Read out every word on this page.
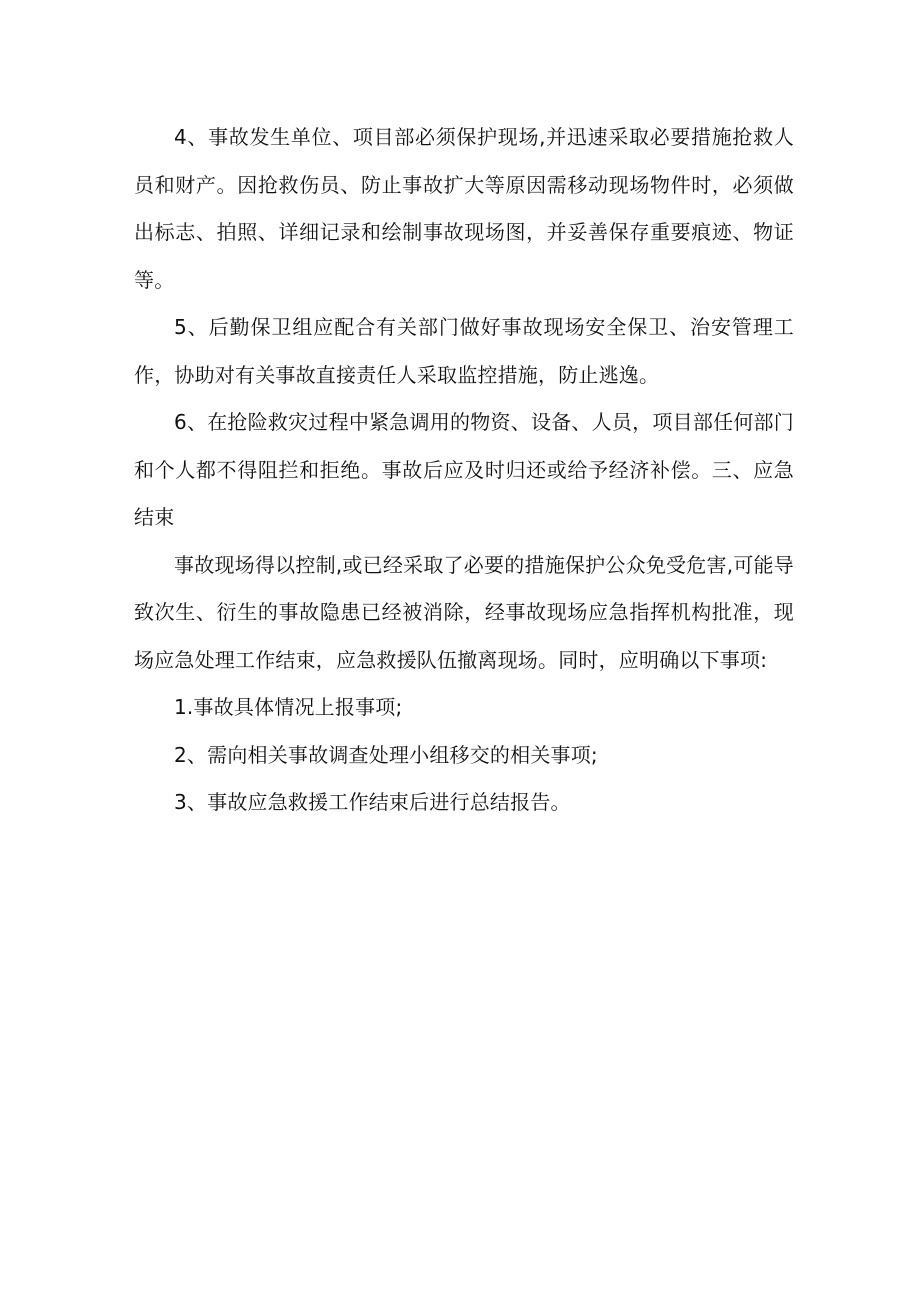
4、事故发生单位、项目部必须保护现场,并迅速采取必要措施抢救人员和财产。因抢救伤员、防止事故扩大等原因需移动现场物件时，必须做出标志、拍照、详细记录和绘制事故现场图，并妥善保存重要痕迹、物证等。

5、后勤保卫组应配合有关部门做好事故现场安全保卫、治安管理工作，协助对有关事故直接责任人采取监控措施，防止逃逸。

6、在抢险救灾过程中紧急调用的物资、设备、人员，项目部任何部门和个人都不得阻拦和拒绝。事故后应及时归还或给予经济补偿。三、应急结束

事故现场得以控制,或已经采取了必要的措施保护公众免受危害,可能导致次生、衍生的事故隐患已经被消除，经事故现场应急指挥机构批准，现场应急处理工作结束，应急救援队伍撤离现场。同时，应明确以下事项:

1.事故具体情况上报事项;

2、需向相关事故调查处理小组移交的相关事项;

3、事故应急救援工作结束后进行总结报告。
